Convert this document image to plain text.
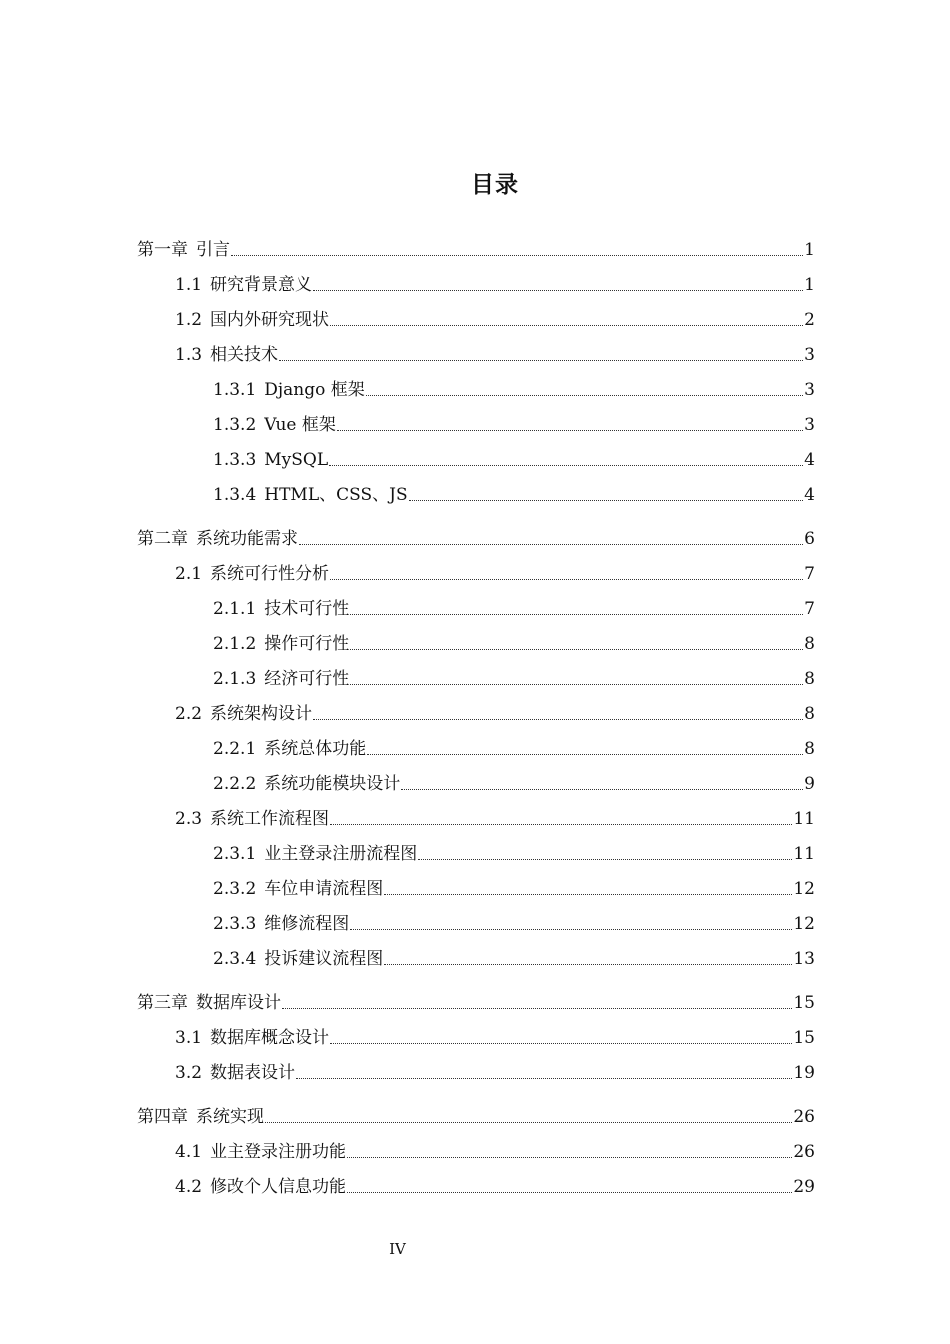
目录
第一章 引言	1
1.1 研究背景意义	1
1.2 国内外研究现状	2
1.3 相关技术	3
1.3.1 Django 框架	3
1.3.2 Vue 框架	3
1.3.3 MySQL	4
1.3.4 HTML、CSS、JS	4
第二章 系统功能需求	6
2.1 系统可行性分析	7
2.1.1 技术可行性	7
2.1.2 操作可行性	8
2.1.3 经济可行性	8
2.2 系统架构设计	8
2.2.1 系统总体功能	8
2.2.2 系统功能模块设计	9
2.3 系统工作流程图	11
2.3.1 业主登录注册流程图	11
2.3.2 车位申请流程图	12
2.3.3 维修流程图	12
2.3.4 投诉建议流程图	13
第三章 数据库设计	15
3.1 数据库概念设计	15
3.2 数据表设计	19
第四章 系统实现	26
4.1 业主登录注册功能	26
4.2 修改个人信息功能	29
IV
